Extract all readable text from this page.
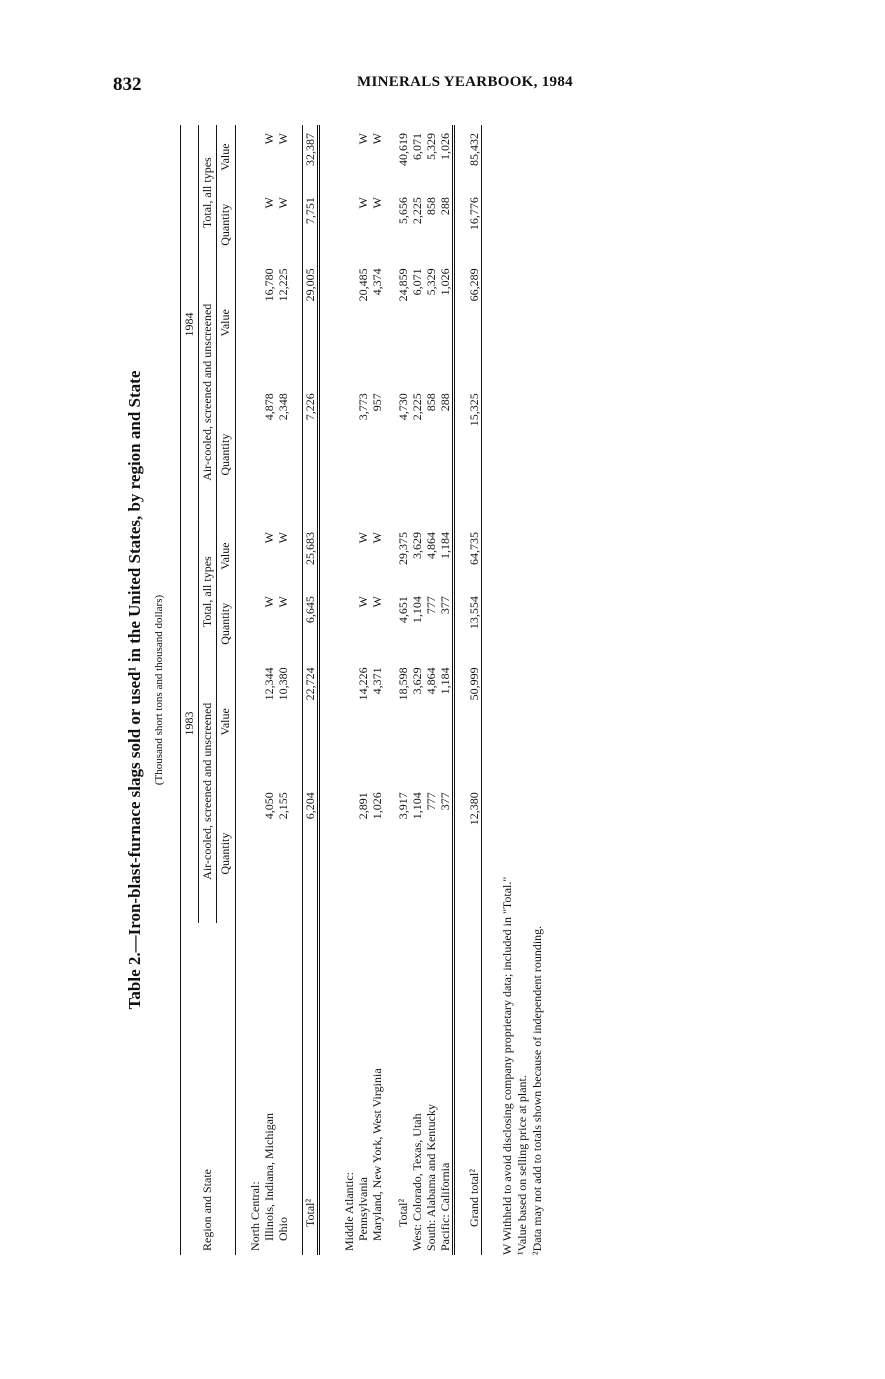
832	MINERALS YEARBOOK, 1984
Table 2.—Iron-blast-furnace slags sold or used¹ in the United States, by region and State (Thousand short tons and thousand dollars)
Region and State	1983				1984			
	Air-cooled, screened and unscreened		Total, all types		Air-cooled, screened and unscreened		Total, all types	
	Quantity	Value	Quantity	Value	Quantity	Value	Quantity	Value

North Central:								
Illinois, Indiana, Michigan	4,050	12,344	W	W	4,878	16,780	W	W
Ohio	2,155	10,380	W	W	2,348	12,225	W	W

Total²	6,204	22,724	6,645	25,683	7,226	29,005	7,751	32,387

Middle Atlantic:								
Pennsylvania	2,891	14,226	W	W	3,773	20,485	W	W
Maryland, New York, West Virginia	1,026	4,371	W	W	957	4,374	W	W

Total²	3,917	18,598	4,651	29,375	4,730	24,859	5,656	40,619
West: Colorado, Texas, Utah	1,104	3,629	1,104	3,629	2,225	6,071	2,225	6,071
South: Alabama and Kentucky	777	4,864	777	4,864	858	5,329	858	5,329
Pacific: California	377	1,184	377	1,184	288	1,026	288	1,026

Grand total²	12,380	50,999	13,554	64,735	15,325	66,289	16,776	85,432
W Withheld to avoid disclosing company proprietary data; included in "Total." ¹Value based on selling price at plant. ²Data may not add to totals shown because of independent rounding.
